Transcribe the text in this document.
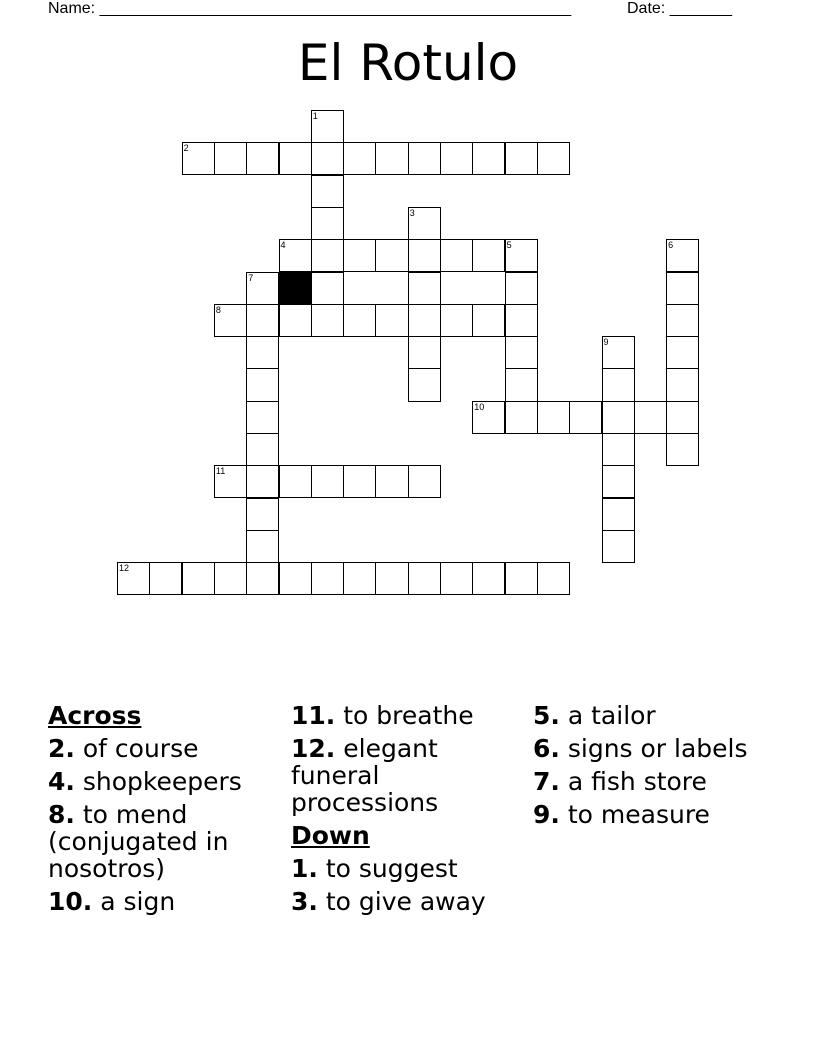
Name: _____________________________________________________	Date: _______
El Rotulo
1
2
3
4	5	6
7
8
9
10
11
12
Across
2. of course
4. shopkeepers
8. to mend (conjugated in nosotros)
10. a sign
11. to breathe
12. elegant funeral processions
Down
1. to suggest
3. to give away
5. a tailor
6. signs or labels
7. a fish store
9. to measure
